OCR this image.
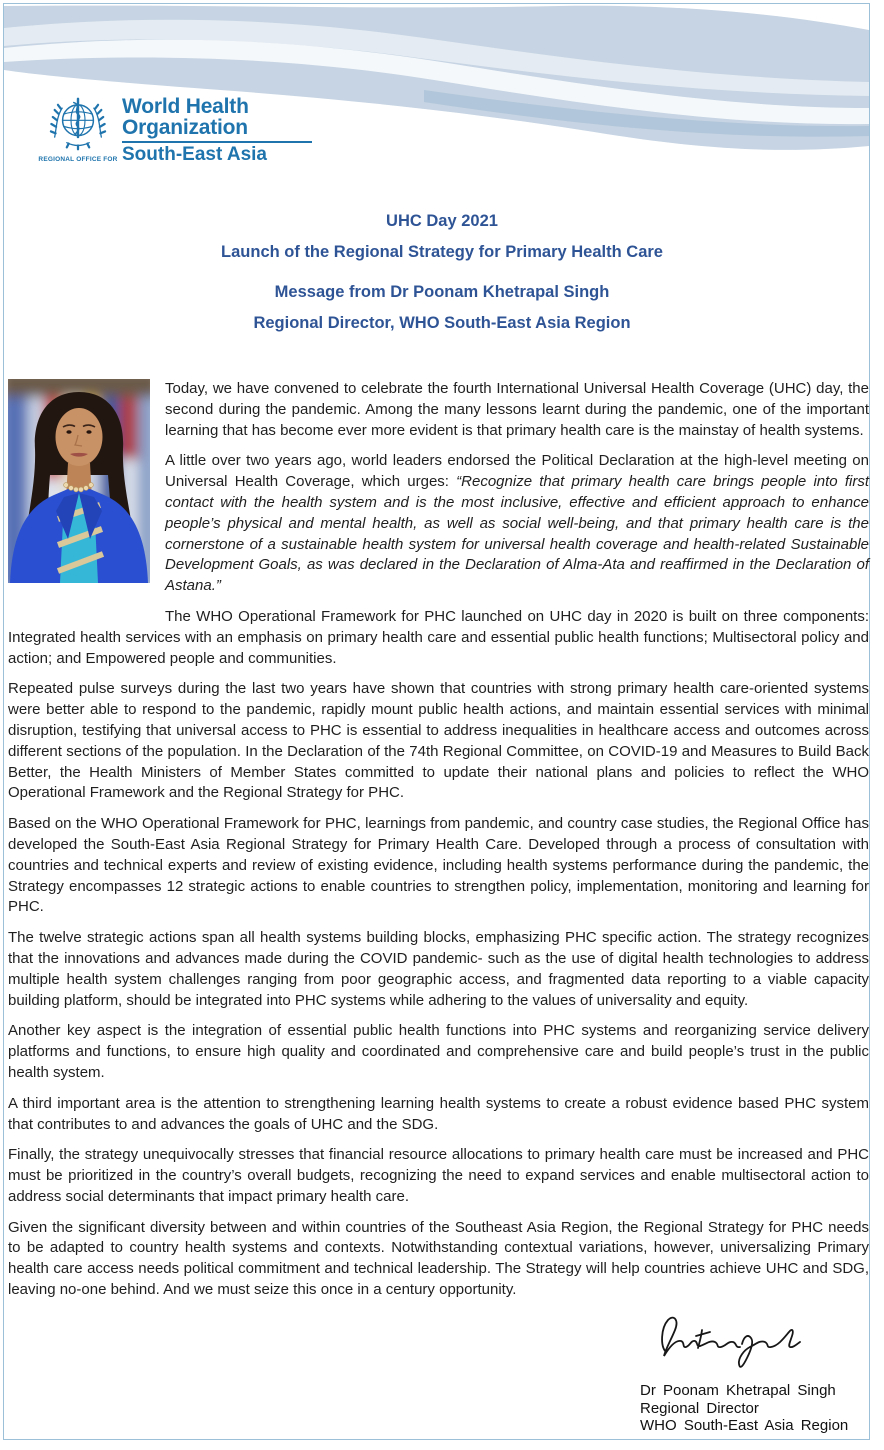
REGIONAL OFFICE FOR
World Health
Organization
South-East Asia
UHC Day 2021
Launch of the Regional Strategy for Primary Health Care
Message from Dr Poonam Khetrapal Singh
Regional Director, WHO South-East Asia Region

Today, we have convened to celebrate the fourth International Universal Health Coverage (UHC) day, the second during the pandemic. Among the many lessons learnt during the pandemic, one of the important learning that has become ever more evident is that primary health care is the mainstay of health systems.

A little over two years ago, world leaders endorsed the Political Declaration at the high-level meeting on Universal Health Coverage, which urges: “Recognize that primary health care brings people into first contact with the health system and is the most inclusive, effective and efficient approach to enhance people’s physical and mental health, as well as social well-being, and that primary health care is the cornerstone of a sustainable health system for universal health coverage and health-related Sustainable Development Goals, as was declared in the Declaration of Alma-Ata and reaffirmed in the Declaration of Astana.”

The WHO Operational Framework for PHC launched on UHC day in 2020 is built on three components: Integrated health services with an emphasis on primary health care and essential public health functions; Multisectoral policy and action; and Empowered people and communities.

Repeated pulse surveys during the last two years have shown that countries with strong primary health care-oriented systems were better able to respond to the pandemic, rapidly mount public health actions, and maintain essential services with minimal disruption, testifying that universal access to PHC is essential to address inequalities in healthcare access and outcomes across different sections of the population. In the Declaration of the 74th Regional Committee, on COVID-19 and Measures to Build Back Better, the Health Ministers of Member States committed to update their national plans and policies to reflect the WHO Operational Framework and the Regional Strategy for PHC.

Based on the WHO Operational Framework for PHC, learnings from pandemic, and country case studies, the Regional Office has developed the South-East Asia Regional Strategy for Primary Health Care. Developed through a process of consultation with countries and technical experts and review of existing evidence, including health systems performance during the pandemic, the Strategy encompasses 12 strategic actions to enable countries to strengthen policy, implementation, monitoring and learning for PHC.

The twelve strategic actions span all health systems building blocks, emphasizing PHC specific action. The strategy recognizes that the innovations and advances made during the COVID pandemic- such as the use of digital health technologies to address multiple health system challenges ranging from poor geographic access, and fragmented data reporting to a viable capacity building platform, should be integrated into PHC systems while adhering to the values of universality and equity.

Another key aspect is the integration of essential public health functions into PHC systems and reorganizing service delivery platforms and functions, to ensure high quality and coordinated and comprehensive care and build people’s trust in the public health system.

A third important area is the attention to strengthening learning health systems to create a robust evidence based PHC system that contributes to and advances the goals of UHC and the SDG.

Finally, the strategy unequivocally stresses that financial resource allocations to primary health care must be increased and PHC must be prioritized in the country’s overall budgets, recognizing the need to expand services and enable multisectoral action to address social determinants that impact primary health care.

Given the significant diversity between and within countries of the Southeast Asia Region, the Regional Strategy for PHC needs to be adapted to country health systems and contexts. Notwithstanding contextual variations, however, universalizing Primary health care access needs political commitment and technical leadership. The Strategy will help countries achieve UHC and SDG, leaving no-one behind. And we must seize this once in a century opportunity.

Dr Poonam Khetrapal Singh
Regional Director
WHO South-East Asia Region
